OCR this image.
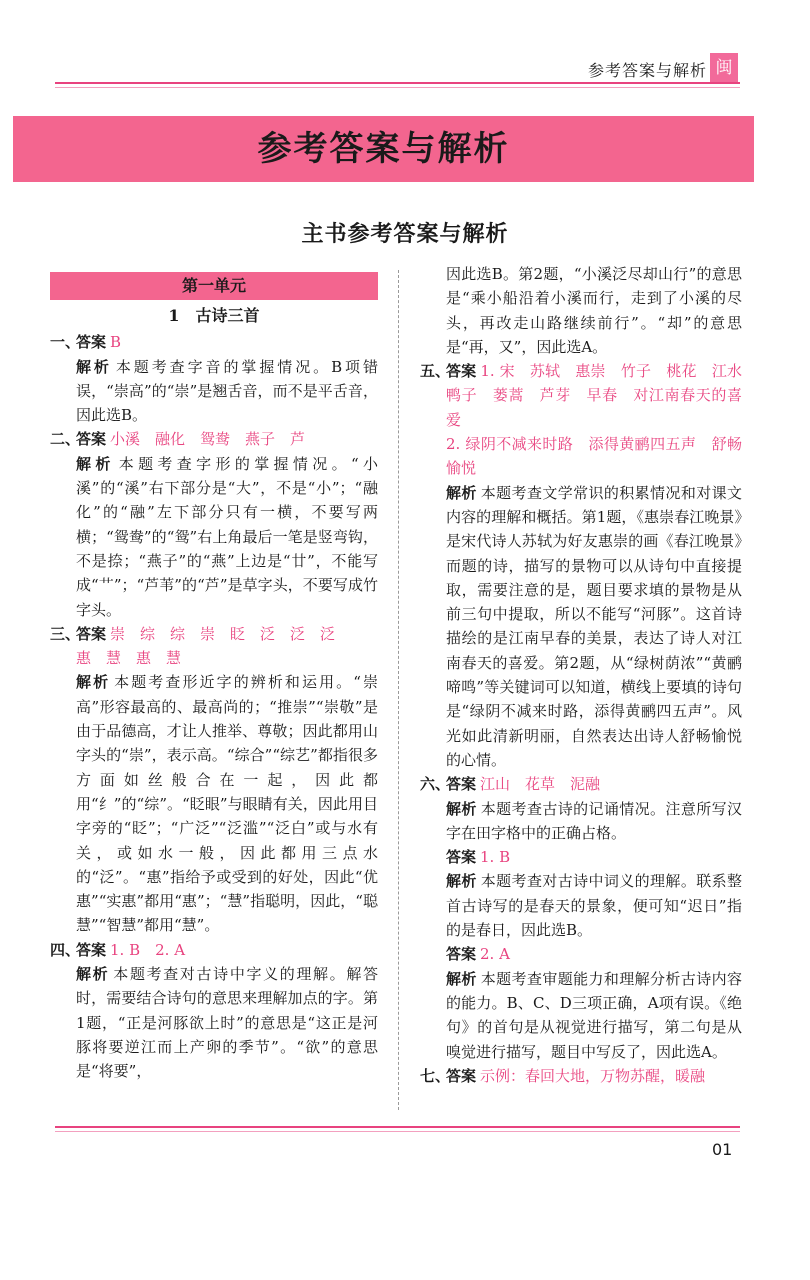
参考答案与解析 闽
参考答案与解析
主书参考答案与解析
第一单元
1　古诗三首
一、
答案 B
解析 本题考查字音的掌握情况。B项错误，“崇高”的“崇”是翘舌音，而不是平舌音，因此选B。
二、
答案 小溪　融化　鸳鸯　燕子　芦
解析 本题考查字形的掌握情况。“小溪”的“溪”右下部分是“大”，不是“小”；“融化”的“融”左下部分只有一横，不要写两横；“鸳鸯”的“鸳”右上角最后一笔是竖弯钩，不是捺；“燕子”的“燕”上边是“廿”，不能写成“艹”；“芦苇”的“芦”是草字头，不要写成竹字头。
三、
答案 崇　综　综　崇　眨　泛　泛　泛
惠　慧　惠　慧
解析 本题考查形近字的辨析和运用。“崇高”形容最高的、最高尚的；“推崇”“崇敬”是由于品德高，才让人推举、尊敬；因此都用山字头的“崇”，表示高。“综合”“综艺”都指很多方面如丝般合在一起，因此都用“纟”的“综”。“眨眼”与眼睛有关，因此用目字旁的“眨”；“广泛”“泛滥”“泛白”或与水有关，或如水一般，因此都用三点水的“泛”。“惠”指给予或受到的好处，因此“优惠”“实惠”都用“惠”；“慧”指聪明，因此，“聪慧”“智慧”都用“慧”。
四、
答案 1. B　2. A
解析 本题考查对古诗中字义的理解。解答时，需要结合诗句的意思来理解加点的字。第1题，“正是河豚欲上时”的意思是“这正是河豚将要逆江而上产卵的季节”。“欲”的意思是“将要”，
因此选B。第2题，“小溪泛尽却山行”的意思是“乘小船沿着小溪而行，走到了小溪的尽头，再改走山路继续前行”。“却”的意思是“再，又”，因此选A。
五、
答案 1. 宋　苏轼　惠崇　竹子　桃花　江水　鸭子　蒌蒿　芦芽　早春　对江南春天的喜爱
2. 绿阴不减来时路　添得黄鹂四五声　舒畅愉悦
解析 本题考查文学常识的积累情况和对课文内容的理解和概括。第1题，《惠崇春江晚景》是宋代诗人苏轼为好友惠崇的画《春江晚景》而题的诗，描写的景物可以从诗句中直接提取，需要注意的是，题目要求填的景物是从前三句中提取，所以不能写“河豚”。这首诗描绘的是江南早春的美景，表达了诗人对江南春天的喜爱。第2题，从“绿树荫浓”“黄鹂啼鸣”等关键词可以知道，横线上要填的诗句是“绿阴不减来时路，添得黄鹂四五声”。风光如此清新明丽，自然表达出诗人舒畅愉悦的心情。
六、
答案 江山　花草　泥融
解析 本题考查古诗的记诵情况。注意所写汉字在田字格中的正确占格。
答案 1. B
解析 本题考查对古诗中词义的理解。联系整首古诗写的是春天的景象，便可知“迟日”指的是春日，因此选B。
答案 2. A
解析 本题考查审题能力和理解分析古诗内容的能力。B、C、D三项正确，A项有误。《绝句》的首句是从视觉进行描写，第二句是从嗅觉进行描写，题目中写反了，因此选A。
七、
答案 示例：春回大地，万物苏醒，暖融
01
